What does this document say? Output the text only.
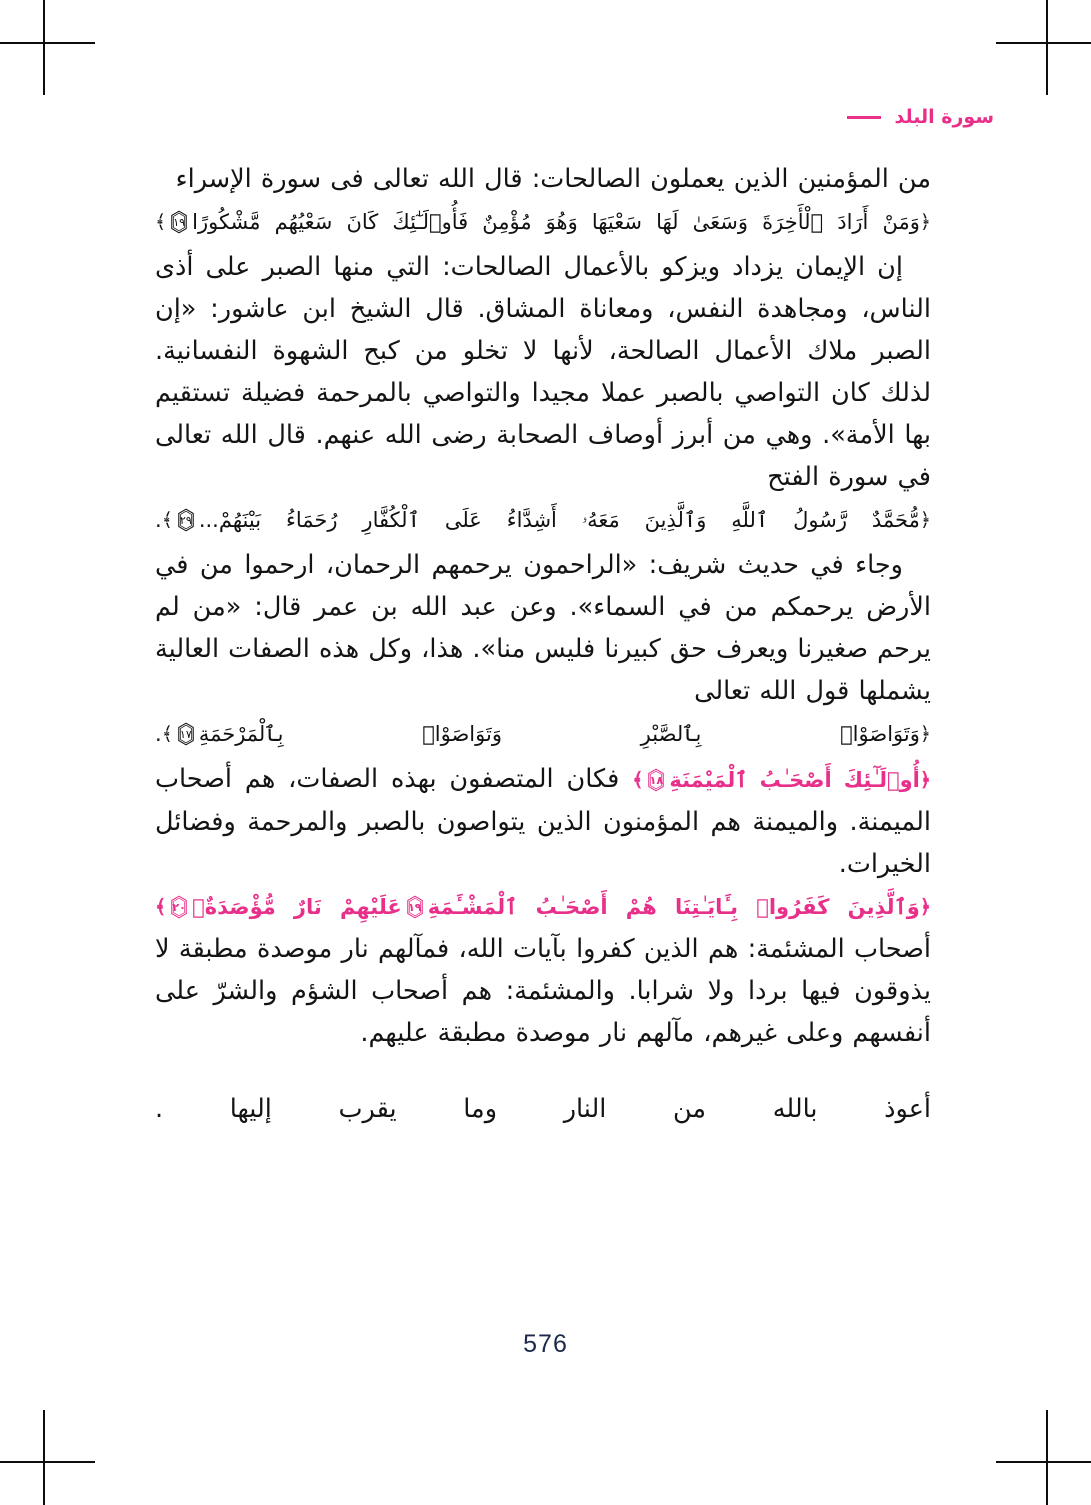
سورة البلد

من المؤمنين الذين يعملون الصالحات: قال الله تعالى فى سورة الإسراء

﴿وَمَنْ أَرَادَ ٱلْأَخِرَةَ وَسَعَىٰ لَهَا سَعْيَهَا وَهُوَ مُؤْمِنٌ فَأُو۟لَـٰٓئِكَ كَانَ سَعْيُهُم مَّشْكُورًا
١٩
﴾

إن الإيمان يزداد ويزكو بالأعمال الصالحات: التي منها الصبر على أذى الناس، ومجاهدة النفس، ومعاناة المشاق. قال الشيخ ابن عاشور: «إن الصبر ملاك الأعمال الصالحة، لأنها لا تخلو من كبح الشهوة النفسانية. لذلك كان التواصي بالصبر عملا مجيدا والتواصي بالمرحمة فضيلة تستقيم بها الأمة». وهي من أبرز أوصاف الصحابة رضى الله عنهم. قال الله تعالى في سورة الفتح

﴿مُّحَمَّدٌ رَّسُولُ ٱللَّهِ وَٱلَّذِينَ مَعَهُۥ أَشِدَّاءُ عَلَى ٱلْكُفَّارِ رُحَمَاءُ بَيْنَهُمْ...
٢٩
﴾.

وجاء في حديث شريف: «الراحمون يرحمهم الرحمان، ارحموا من في الأرض يرحمكم من في السماء». وعن عبد الله بن عمر قال: «من لم يرحم صغيرنا ويعرف حق كبيرنا فليس منا». هذا، وكل هذه الصفات العالية يشملها قول الله تعالى

﴿وَتَوَاصَوْا۟ بِٱلصَّبْرِ وَتَوَاصَوْا۟ بِٱلْمَرْحَمَةِ
١٧
﴾.

﴿أُو۟لَـٰٓئِكَ أَصْحَـٰبُ ٱلْمَيْمَنَةِ
١٨
﴾ فكان المتصفون بهذه الصفات، هم أصحاب الميمنة. والميمنة هم المؤمنون الذين يتواصون بالصبر والمرحمة وفضائل الخيرات.

﴿وَٱلَّذِينَ كَفَرُوا۟ بِـَٔايَـٰتِنَا هُمْ أَصْحَـٰبُ ٱلْمَشْـَٔمَةِ
١٩
عَلَيْهِمْ نَارٌ مُّؤْصَدَةٌۢ
٢٠
﴾ أصحاب المشئمة: هم الذين كفروا بآيات الله، فمآلهم نار موصدة مطبقة لا يذوقون فيها بردا ولا شرابا. والمشئمة: هم أصحاب الشؤم والشرّ على أنفسهم وعلى غيرهم، مآلهم نار موصدة مطبقة عليهم.

أعوذ بالله من النار وما يقرب إليها .
576
